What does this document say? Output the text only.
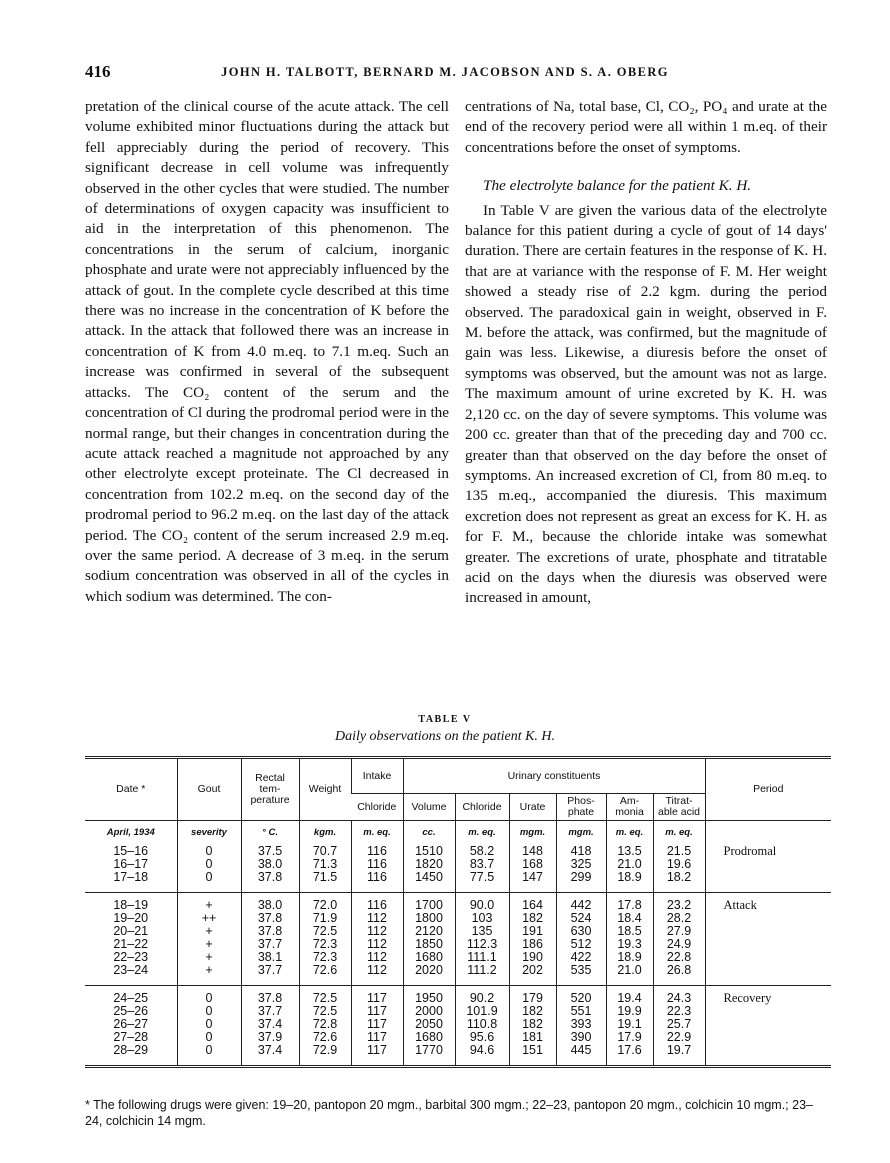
416	JOHN H. TALBOTT, BERNARD M. JACOBSON AND S. A. OBERG

pretation of the clinical course of the acute attack. The cell volume exhibited minor fluctuations during the attack but fell appreciably during the period of recovery. This significant decrease in cell volume was infrequently observed in the other cycles that were studied. The number of determinations of oxygen capacity was insufficient to aid in the interpretation of this phenomenon. The concentrations in the serum of calcium, inorganic phosphate and urate were not appreciably influenced by the attack of gout. In the complete cycle described at this time there was no increase in the concentration of K before the attack. In the attack that followed there was an increase in concentration of K from 4.0 m.eq. to 7.1 m.eq. Such an increase was confirmed in several of the subsequent attacks. The CO₂ content of the serum and the concentration of Cl during the prodromal period were in the normal range, but their changes in concentration during the acute attack reached a magnitude not approached by any other electrolyte except proteinate. The Cl decreased in concentration from 102.2 m.eq. on the second day of the prodromal period to 96.2 m.eq. on the last day of the attack period. The CO₂ content of the serum increased 2.9 m.eq. over the same period. A decrease of 3 m.eq. in the serum sodium concentration was observed in all of the cycles in which sodium was determined. The con-

centrations of Na, total base, Cl, CO₂, PO₄ and urate at the end of the recovery period were all within 1 m.eq. of their concentrations before the onset of symptoms.

The electrolyte balance for the patient K. H.

In Table V are given the various data of the electrolyte balance for this patient during a cycle of gout of 14 days' duration. There are certain features in the response of K. H. that are at variance with the response of F. M. Her weight showed a steady rise of 2.2 kgm. during the period observed. The paradoxical gain in weight, observed in F. M. before the attack, was confirmed, but the magnitude of gain was less. Likewise, a diuresis before the onset of symptoms was observed, but the amount was not as large. The maximum amount of urine excreted by K. H. was 2,120 cc. on the day of severe symptoms. This volume was 200 cc. greater than that of the preceding day and 700 cc. greater than that observed on the day before the onset of symptoms. An increased excretion of Cl, from 80 m.eq. to 135 m.eq., accompanied the diuresis. This maximum excretion does not represent as great an excess for K. H. as for F. M., because the chloride intake was somewhat greater. The excretions of urate, phosphate and titratable acid on the days when the diuresis was observed were increased in amount,

TABLE V
Daily observations on the patient K. H.
Date *	Gout	Rectal tem- perature	Weight	Intake	Urinary constituents						Period
				Chloride	Volume	Chloride	Urate	Phos- phate	Am- monia	Titrat- able acid	
April, 1934	severity	° C.	kgm.	m. eq.	cc.	m. eq.	mgm.	mgm.	m. eq.	m. eq.	
15–16	0	37.5	70.7	116	1510	58.2	148	418	13.5	21.5	Prodromal
16–17	0	38.0	71.3	116	1820	83.7	168	325	21.0	19.6	
17–18	0	37.8	71.5	116	1450	77.5	147	299	18.9	18.2	
18–19	+	38.0	72.0	116	1700	90.0	164	442	17.8	23.2	Attack
19–20	++	37.8	71.9	112	1800	103	182	524	18.4	28.2	
20–21	+	37.8	72.5	112	2120	135	191	630	18.5	27.9	
21–22	+	37.7	72.3	112	1850	112.3	186	512	19.3	24.9	
22–23	+	38.1	72.3	112	1680	111.1	190	422	18.9	22.8	
23–24	+	37.7	72.6	112	2020	111.2	202	535	21.0	26.8	
24–25	0	37.8	72.5	117	1950	90.2	179	520	19.4	24.3	Recovery
25–26	0	37.7	72.5	117	2000	101.9	182	551	19.9	22.3	
26–27	0	37.4	72.8	117	2050	110.8	182	393	19.1	25.7	
27–28	0	37.9	72.6	117	1680	95.6	181	390	17.9	22.9	
28–29	0	37.4	72.9	117	1770	94.6	151	445	17.6	19.7	
* The following drugs were given: 19–20, pantopon 20 mgm., barbital 300 mgm.; 22–23, pantopon 20 mgm., colchicin 10 mgm.; 23–24, colchicin 14 mgm.
